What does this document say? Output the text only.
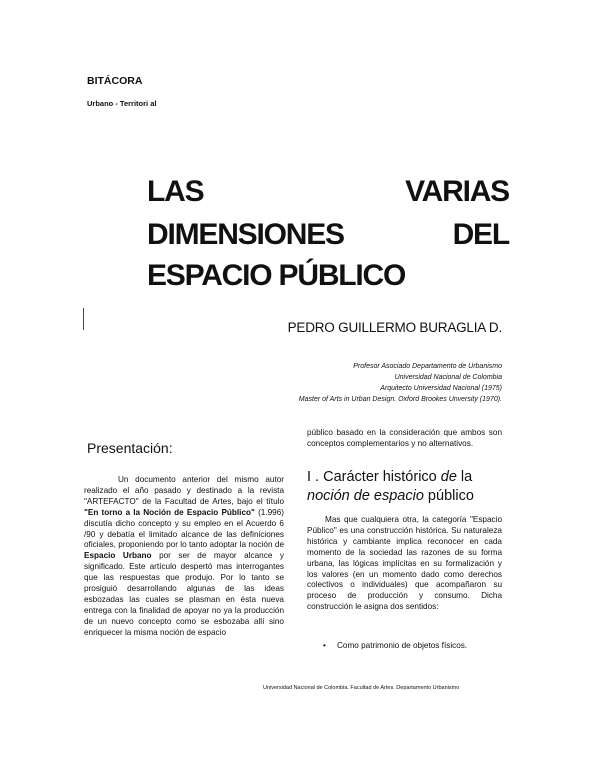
BITÁCORA
Urbano - Territori al
LAS	VARIAS
DIMENSIONES	DEL
ESPACIO PÚBLICO
PEDRO GUILLERMO BURAGLIA D.
Profesor Asociado Departamento de Urbanismo
Universidad Nacional de Colombia
Arquitecto Universidad Nacional (1975)
Master of Arts in Urban Design. Oxford Brookes Unversity (1970).
Presentación:

Un documento anterior del mismo autor realizado el año pasado y destinado a la revista "ARTEFACTO" de la Facultad de Artes, bajo el título "En torno a la Noción de Espacio Público" (1.996) discutía dicho concepto y su empleo en el Acuerdo 6 /90 y debatía el limitado alcance de las definiciones oficiales, proponiendo por lo tanto adoptar la noción de Espacio Urbano por ser de mayor alcance y significado. Este artículo despertó mas interrogantes que las respuestas que produjo. Por lo tanto se prosiguió desarrollando algunas de las ideas esbozadas las cuales se plasman en ésta nueva entrega con la finalidad de apoyar no ya la producción de un nuevo concepto como se esbozaba allí sino enriquecer la misma noción de espacio

público basado en la consideración que ambos son conceptos complementarios y no alternativos.

I . Carácter histórico de la noción de espacio público

Mas que cualquiera otra, la categoría "Espacio Público" es una construcción histórica. Su naturaleza histórica y cambiante implica reconocer en cada momento de la sociedad las razones de su forma urbana, las lógicas implícitas en su formalización y los valores (en un momento dado como derechos colectivos o individuales) que acompañaron su proceso de producción y consumo. Dicha construcción le asigna dos sentidos:

• Como patrimonio de objetos físicos.
Universidad Nacional de Colombia. Facultad de Artes. Departamento Urbanismo
